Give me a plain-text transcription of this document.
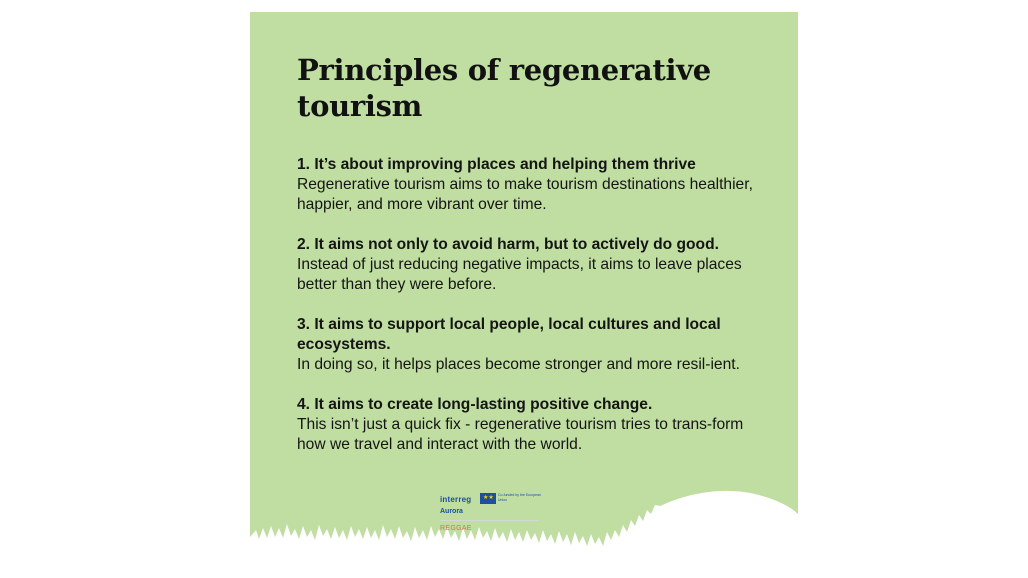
Principles of regenerative tourism
1. It’s about improving places and helping them thrive
Regenerative tourism aims to make tourism destinations healthier, happier, and more vibrant over time.
2. It aims not only to avoid harm, but to actively do good.
Instead of just reducing negative impacts, it aims to leave places better than they were before.
3. It aims to support local people, local cultures and local ecosystems.
In doing so, it helps places become stronger and more resil-ient.
4. It aims to create long-lasting positive change.
This isn’t just a quick fix - regenerative tourism tries to trans-form how we travel and interact with the world.
interreg ★★ Co-funded by the European Union
Aurora
REGGAE
